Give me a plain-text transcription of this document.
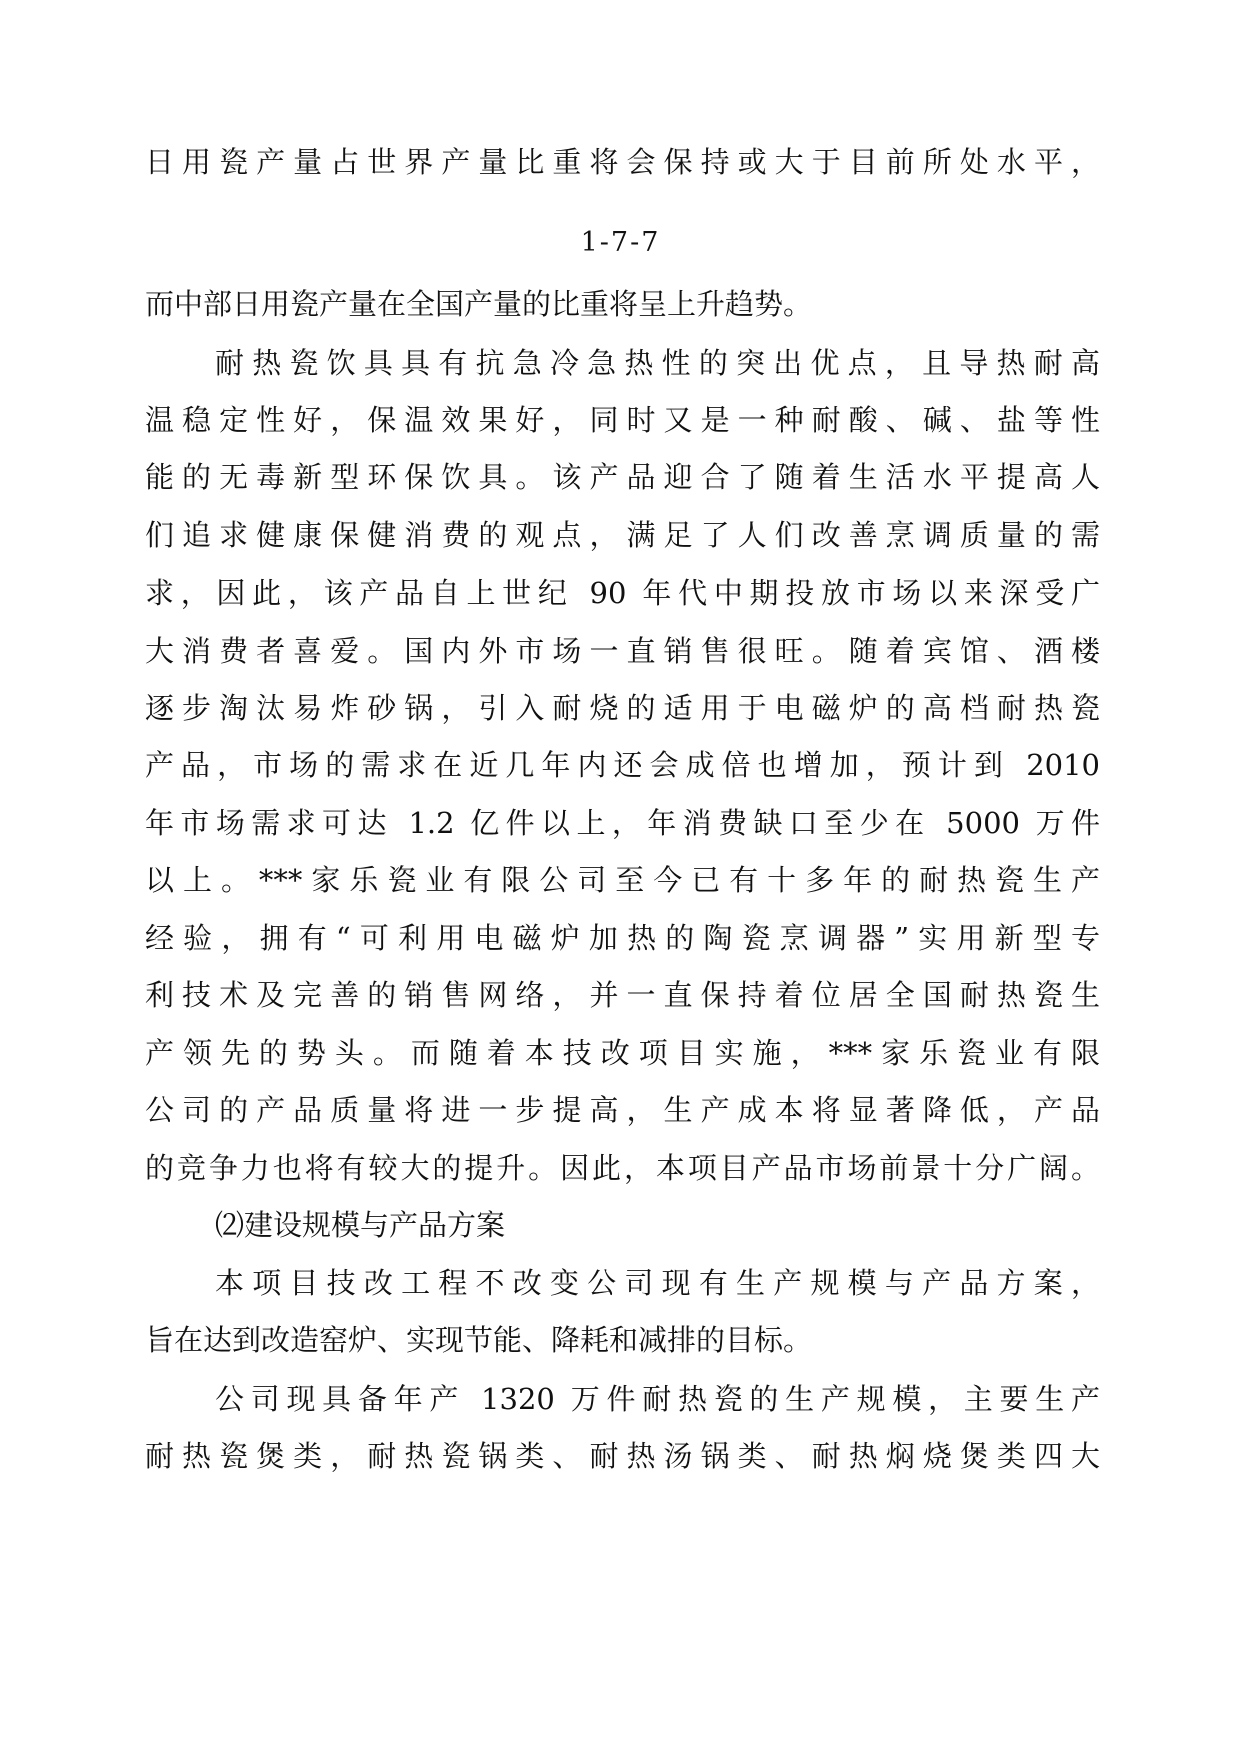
日用瓷产量占世界产量比重将会保持或大于目前所处水平，
1-7-7
而中部日用瓷产量在全国产量的比重将呈上升趋势。
耐热瓷饮具具有抗急冷急热性的突出优点，且导热耐高
温稳定性好，保温效果好，同时又是一种耐酸、碱、盐等性
能的无毒新型环保饮具。该产品迎合了随着生活水平提高人
们追求健康保健消费的观点，满足了人们改善烹调质量的需
求，因此，该产品自上世纪 90 年代中期投放市场以来深受广
大消费者喜爱。国内外市场一直销售很旺。随着宾馆、酒楼
逐步淘汰易炸砂锅，引入耐烧的适用于电磁炉的高档耐热瓷
产品，市场的需求在近几年内还会成倍也增加，预计到 2010
年市场需求可达 1.2 亿件以上，年消费缺口至少在 5000 万件
以上。***家乐瓷业有限公司至今已有十多年的耐热瓷生产
经验，拥有“可利用电磁炉加热的陶瓷烹调器”实用新型专
利技术及完善的销售网络，并一直保持着位居全国耐热瓷生
产领先的势头。而随着本技改项目实施，***家乐瓷业有限
公司的产品质量将进一步提高，生产成本将显著降低，产品
的竞争力也将有较大的提升。因此，本项目产品市场前景十分广阔。
⑵建设规模与产品方案
本项目技改工程不改变公司现有生产规模与产品方案，
旨在达到改造窑炉、实现节能、降耗和减排的目标。
公司现具备年产 1320 万件耐热瓷的生产规模，主要生产
耐热瓷煲类，耐热瓷锅类、耐热汤锅类、耐热焖烧煲类四大
